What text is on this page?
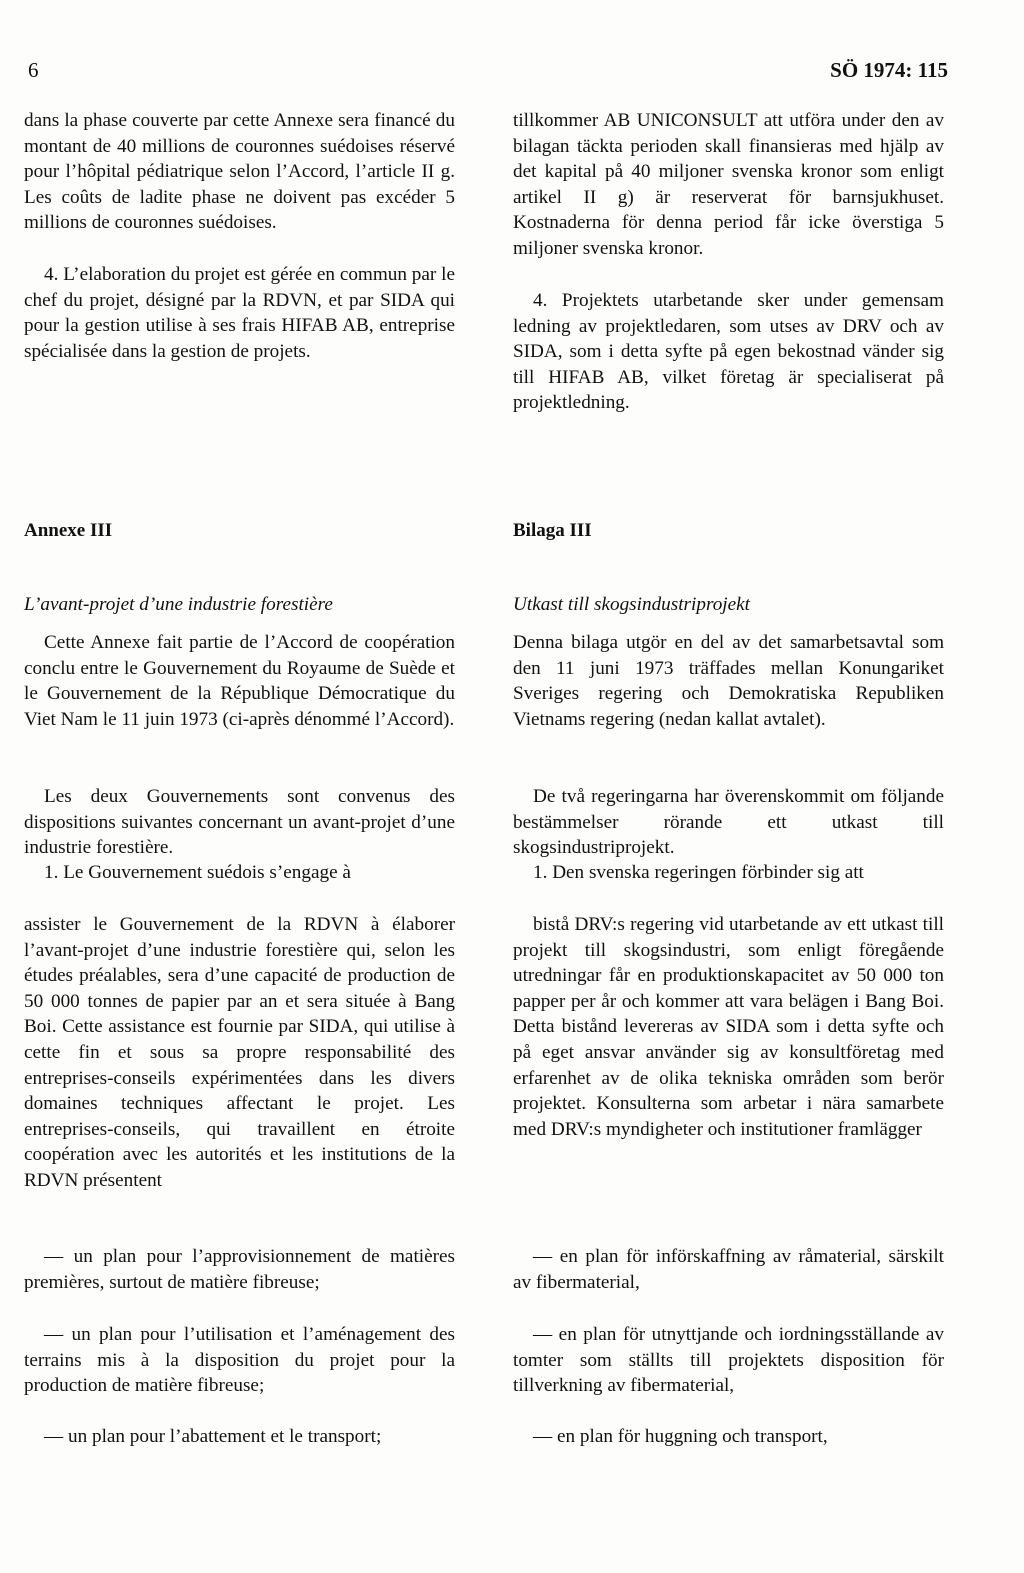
6	SÖ 1974: 115

dans la phase couverte par cette Annexe sera financé du montant de 40 millions de couronnes suédoises réservé pour l’hôpital pédiatrique selon l’Accord, l’article II g. Les coûts de ladite phase ne doivent pas excéder 5 millions de couronnes suédoises.

4. L’elaboration du projet est gérée en commun par le chef du projet, désigné par la RDVN, et par SIDA qui pour la gestion utilise à ses frais HIFAB AB, entreprise spécialisée dans la gestion de projets.

Annexe III

L’avant-projet d’une industrie forestière

Cette Annexe fait partie de l’Accord de coopération conclu entre le Gouvernement du Royaume de Suède et le Gouvernement de la République Démocratique du Viet Nam le 11 juin 1973 (ci-après dénommé l’Accord).

Les deux Gouvernements sont convenus des dispositions suivantes concernant un avant-projet d’une industrie forestière.

1. Le Gouvernement suédois s’engage à

assister le Gouvernement de la RDVN à élaborer l’avant-projet d’une industrie forestière qui, selon les études préalables, sera d’une capacité de production de 50 000 tonnes de papier par an et sera située à Bang Boi. Cette assistance est fournie par SIDA, qui utilise à cette fin et sous sa propre responsabilité des entreprises-conseils expérimentées dans les divers domaines techniques affectant le projet. Les entreprises-conseils, qui travaillent en étroite coopération avec les autorités et les institutions de la RDVN présentent

— un plan pour l’approvisionnement de matières premières, surtout de matière fibreuse;

— un plan pour l’utilisation et l’aménagement des terrains mis à la disposition du projet pour la production de matière fibreuse;

— un plan pour l’abattement et le transport;

tillkommer AB UNICONSULT att utföra under den av bilagan täckta perioden skall finansieras med hjälp av det kapital på 40 miljoner svenska kronor som enligt artikel II g) är reserverat för barnsjukhuset. Kostnaderna för denna period får icke överstiga 5 miljoner svenska kronor.

4. Projektets utarbetande sker under gemensam ledning av projektledaren, som utses av DRV och av SIDA, som i detta syfte på egen bekostnad vänder sig till HIFAB AB, vilket företag är specialiserat på projektledning.

Bilaga III

Utkast till skogsindustriprojekt

Denna bilaga utgör en del av det samarbetsavtal som den 11 juni 1973 träffades mellan Konungariket Sveriges regering och Demokratiska Republiken Vietnams regering (nedan kallat avtalet).

De två regeringarna har överenskommit om följande bestämmelser rörande ett utkast till skogsindustriprojekt.

1. Den svenska regeringen förbinder sig att

bistå DRV:s regering vid utarbetande av ett utkast till projekt till skogsindustri, som enligt föregående utredningar får en produktionskapacitet av 50 000 ton papper per år och kommer att vara belägen i Bang Boi. Detta bistånd levereras av SIDA som i detta syfte och på eget ansvar använder sig av konsultföretag med erfarenhet av de olika tekniska områden som berör projektet. Konsulterna som arbetar i nära samarbete med DRV:s myndigheter och institutioner framlägger

— en plan för införskaffning av råmaterial, särskilt av fibermaterial,

— en plan för utnyttjande och iordningsställande av tomter som ställts till projektets disposition för tillverkning av fibermaterial,

— en plan för huggning och transport,
